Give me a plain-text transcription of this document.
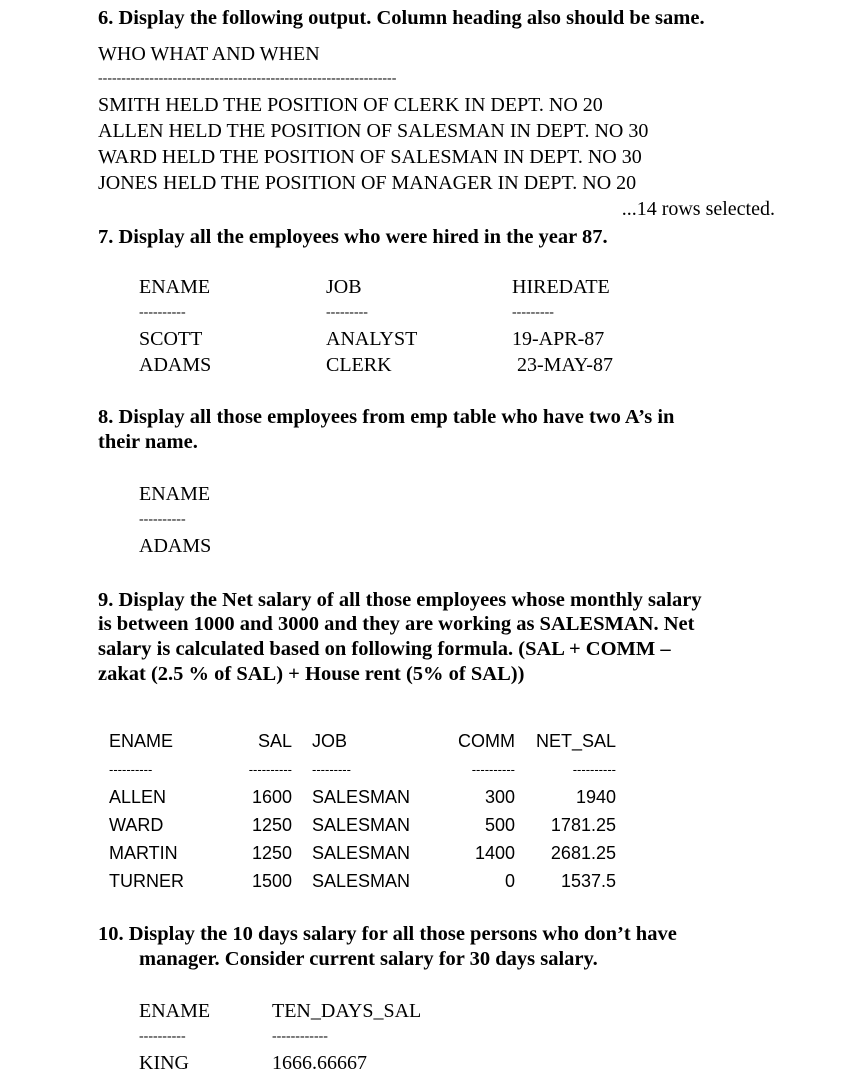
6. Display the following output. Column heading also should be same.
WHO WHAT AND WHEN
----------------------------------------------------------------
SMITH HELD THE POSITION OF CLERK IN DEPT. NO 20
ALLEN HELD THE POSITION OF SALESMAN IN DEPT. NO 30
WARD HELD THE POSITION OF SALESMAN IN DEPT. NO 30
JONES HELD THE POSITION OF MANAGER IN DEPT. NO 20
...14 rows selected.
7. Display all the employees who were hired in the year 87.
ENAME	JOB	HIREDATE
----------	---------	---------
SCOTT	ANALYST	19-APR-87
ADAMS	CLERK	23-MAY-87
8. Display all those employees from emp table who have two A’s in
their name.
ENAME
----------
ADAMS
9. Display the Net salary of all those employees whose monthly salary
is between 1000 and 3000 and they are working as SALESMAN. Net
salary is calculated based on following formula. (SAL + COMM –
zakat (2.5 % of SAL) + House rent (5% of SAL))
ENAME	SAL JOB	COMM	NET_SAL
----------	---------- ---------	----------	----------
ALLEN	1600 SALESMAN	300	1940
WARD	1250 SALESMAN	500	1781.25
MARTIN	1250 SALESMAN	1400	2681.25
TURNER	1500 SALESMAN	0	1537.5
10. Display the 10 days salary for all those persons who don’t have
manager. Consider current salary for 30 days salary.
ENAME	TEN_DAYS_SAL
----------	------------
KING	1666.66667
